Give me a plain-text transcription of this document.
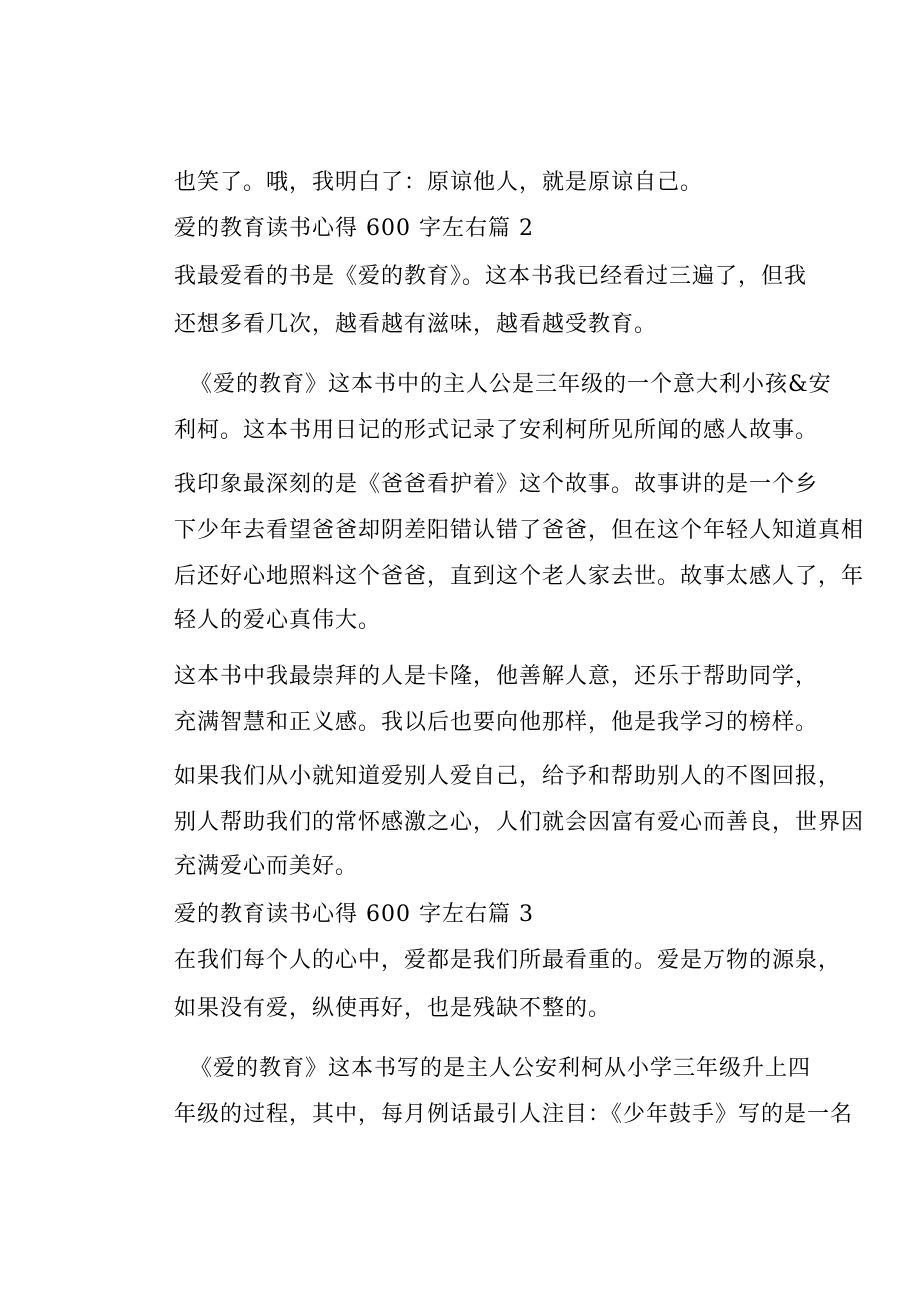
也笑了。哦，我明白了：原谅他人，就是原谅自己。
爱的教育读书心得 600 字左右篇 2
我最爱看的书是《爱的教育》。这本书我已经看过三遍了，但我
还想多看几次，越看越有滋味，越看越受教育。
《爱的教育》这本书中的主人公是三年级的一个意大利小孩&安
利柯。这本书用日记的形式记录了安利柯所见所闻的感人故事。
我印象最深刻的是《爸爸看护着》这个故事。故事讲的是一个乡
下少年去看望爸爸却阴差阳错认错了爸爸，但在这个年轻人知道真相
后还好心地照料这个爸爸，直到这个老人家去世。故事太感人了，年
轻人的爱心真伟大。
这本书中我最崇拜的人是卡隆，他善解人意，还乐于帮助同学，
充满智慧和正义感。我以后也要向他那样，他是我学习的榜样。
如果我们从小就知道爱别人爱自己，给予和帮助别人的不图回报，
别人帮助我们的常怀感激之心，人们就会因富有爱心而善良，世界因
充满爱心而美好。
爱的教育读书心得 600 字左右篇 3
在我们每个人的心中，爱都是我们所最看重的。爱是万物的源泉，
如果没有爱，纵使再好，也是残缺不整的。
《爱的教育》这本书写的是主人公安利柯从小学三年级升上四
年级的过程，其中，每月例话最引人注目：《少年鼓手》写的是一名
